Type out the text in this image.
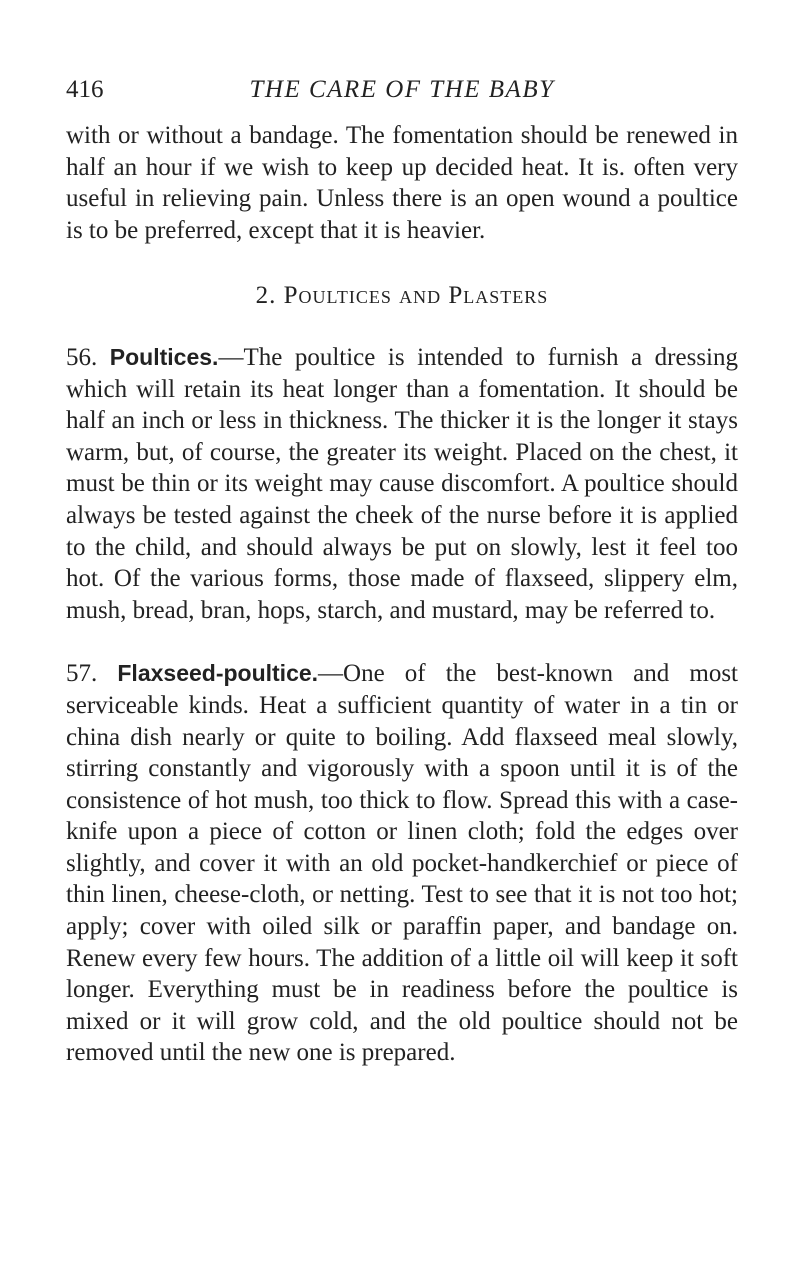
416	THE CARE OF THE BABY

with or without a bandage. The fomentation should be renewed in half an hour if we wish to keep up decided heat. It is. often very useful in relieving pain. Unless there is an open wound a poultice is to be preferred, except that it is heavier.

2. Poultices and Plasters

56. Poultices.—The poultice is intended to furnish a dressing which will retain its heat longer than a fomentation. It should be half an inch or less in thickness. The thicker it is the longer it stays warm, but, of course, the greater its weight. Placed on the chest, it must be thin or its weight may cause discomfort. A poultice should always be tested against the cheek of the nurse before it is applied to the child, and should always be put on slowly, lest it feel too hot. Of the various forms, those made of flaxseed, slippery elm, mush, bread, bran, hops, starch, and mustard, may be referred to.

57. Flaxseed-poultice.—One of the best-known and most serviceable kinds. Heat a sufficient quantity of water in a tin or china dish nearly or quite to boiling. Add flaxseed meal slowly, stirring constantly and vigorously with a spoon until it is of the consistence of hot mush, too thick to flow. Spread this with a case-knife upon a piece of cotton or linen cloth; fold the edges over slightly, and cover it with an old pocket-handkerchief or piece of thin linen, cheese-cloth, or netting. Test to see that it is not too hot; apply; cover with oiled silk or paraffin paper, and bandage on. Renew every few hours. The addition of a little oil will keep it soft longer. Everything must be in readiness before the poultice is mixed or it will grow cold, and the old poultice should not be removed until the new one is prepared.
